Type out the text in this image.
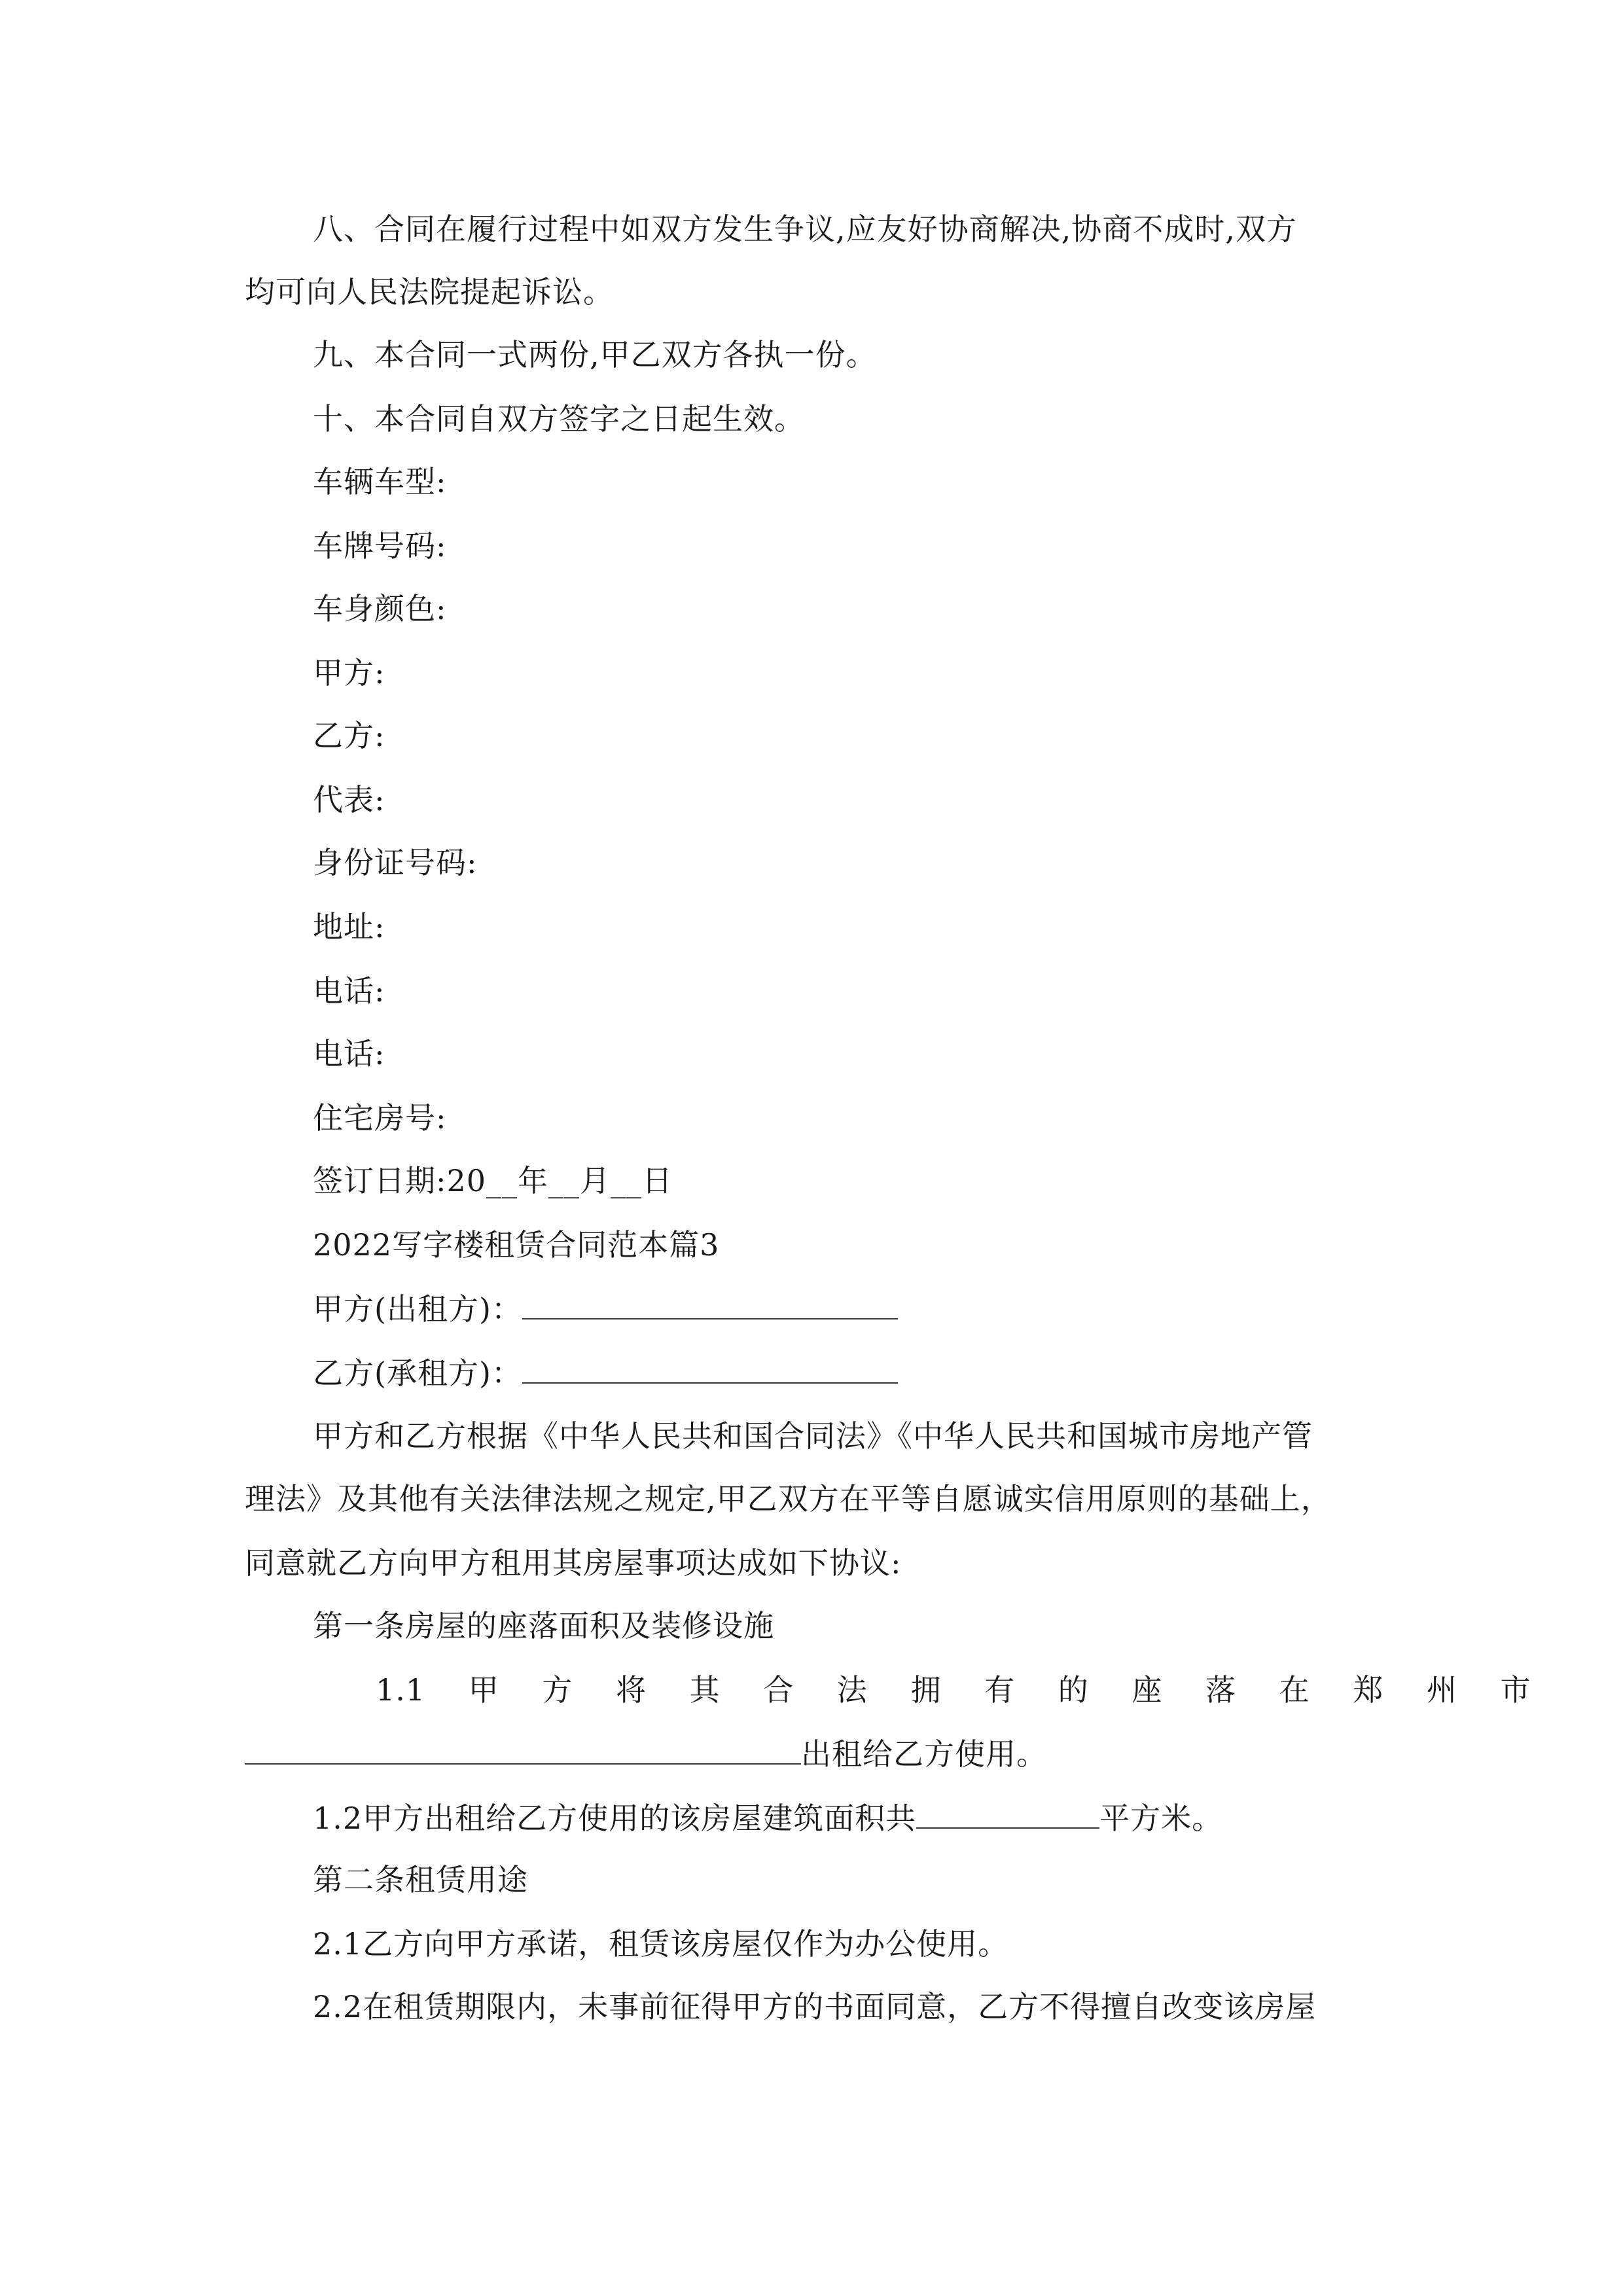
八、合同在履行过程中如双方发生争议,应友好协商解决,协商不成时,双方
均可向人民法院提起诉讼。
九、本合同一式两份,甲乙双方各执一份。
十、本合同自双方签字之日起生效。
车辆车型:
车牌号码:
车身颜色:
甲方:
乙方:
代表:
身份证号码:
地址:
电话:
电话:
住宅房号:
签订日期:20__年__月__日
2022写字楼租赁合同范本篇3
甲方(出租方)：
乙方(承租方)：
甲方和乙方根据《中华人民共和国合同法》《中华人民共和国城市房地产管
理法》及其他有关法律法规之规定,甲乙双方在平等自愿诚实信用原则的基础上，
同意就乙方向甲方租用其房屋事项达成如下协议:
第一条房屋的座落面积及装修设施
1.1 甲 方 将 其 合 法 拥 有 的 座 落 在 郑 州 市
出租给乙方使用。
1.2甲方出租给乙方使用的该房屋建筑面积共	平方米。
第二条租赁用途
2.1乙方向甲方承诺，租赁该房屋仅作为办公使用。
2.2在租赁期限内，未事前征得甲方的书面同意，乙方不得擅自改变该房屋
